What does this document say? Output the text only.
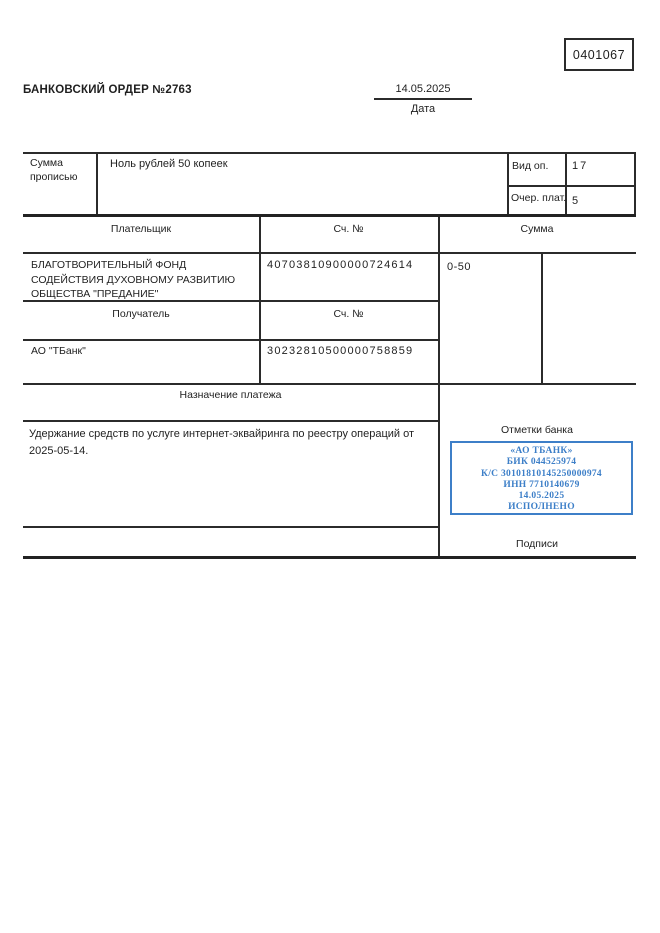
0401067
БАНКОВСКИЙ ОРДЕР №2763	14.05.2025
Дата
Сумма прописью
Ноль рублей 50 копеек	Вид оп. 17
Очер. плат. 5
Плательщик	Сч. №	Сумма
БЛАГОТВОРИТЕЛЬНЫЙ ФОНД СОДЕЙСТВИЯ ДУХОВНОМУ РАЗВИТИЮ ОБЩЕСТВА "ПРЕДАНИЕ"
40703810900000724614	0-50
Получатель	Сч. №
АО "ТБанк"	30232810500000758859
Назначение платежа
Удержание средств по услуге интернет-эквайринга по реестру операций от 2025-05-14.
Отметки банка
«АО ТБАНК»
БИК 044525974
К/С 30101810145250000974
ИНН 7710140679
14.05.2025
ИСПОЛНЕНО
Подписи
